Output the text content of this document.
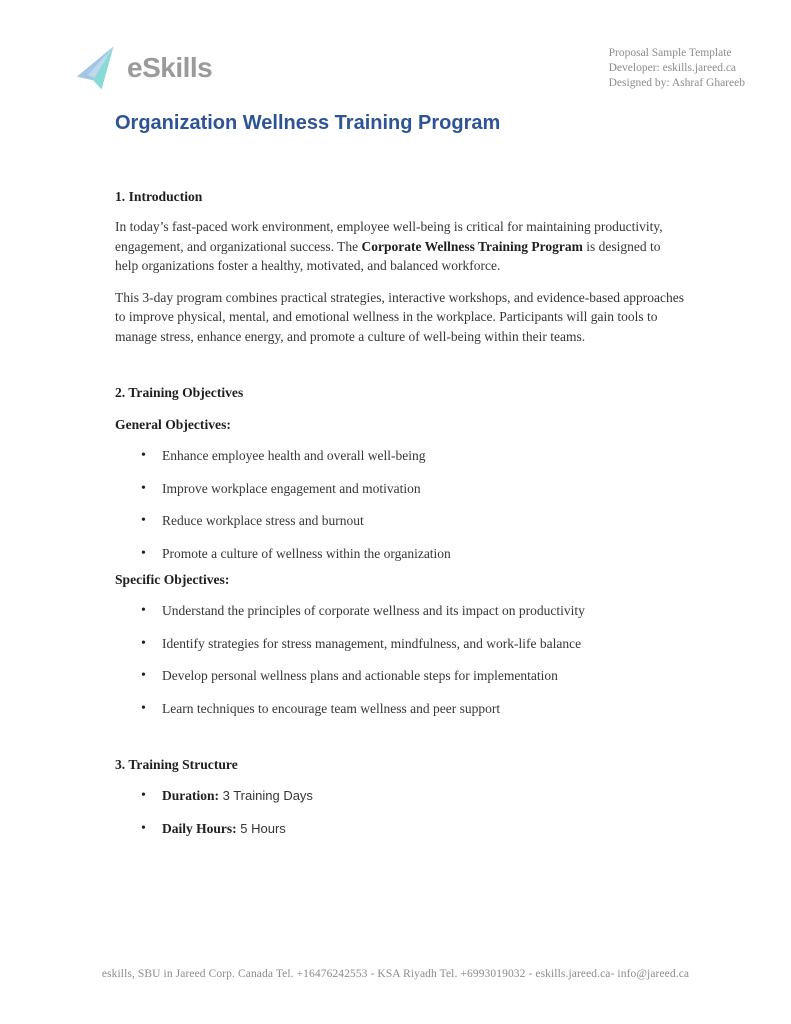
eSkills	Proposal Sample Template
Developer: eskills.jareed.ca
Designed by: Ashraf Ghareeb
Organization Wellness Training Program
1. Introduction

In today’s fast-paced work environment, employee well-being is critical for maintaining productivity, engagement, and organizational success. The Corporate Wellness Training Program is designed to help organizations foster a healthy, motivated, and balanced workforce.

This 3-day program combines practical strategies, interactive workshops, and evidence-based approaches to improve physical, mental, and emotional wellness in the workplace. Participants will gain tools to manage stress, enhance energy, and promote a culture of well-being within their teams.

2. Training Objectives
General Objectives:
• Enhance employee health and overall well-being
• Improve workplace engagement and motivation
• Reduce workplace stress and burnout
• Promote a culture of wellness within the organization
Specific Objectives:
• Understand the principles of corporate wellness and its impact on productivity
• Identify strategies for stress management, mindfulness, and work-life balance
• Develop personal wellness plans and actionable steps for implementation
• Learn techniques to encourage team wellness and peer support
3. Training Structure
• Duration: 3 Training Days
• Daily Hours: 5 Hours
eskills, SBU in Jareed Corp. Canada Tel. +16476242553 - KSA Riyadh Tel. +6993019032 - eskills.jareed.ca- info@jareed.ca
